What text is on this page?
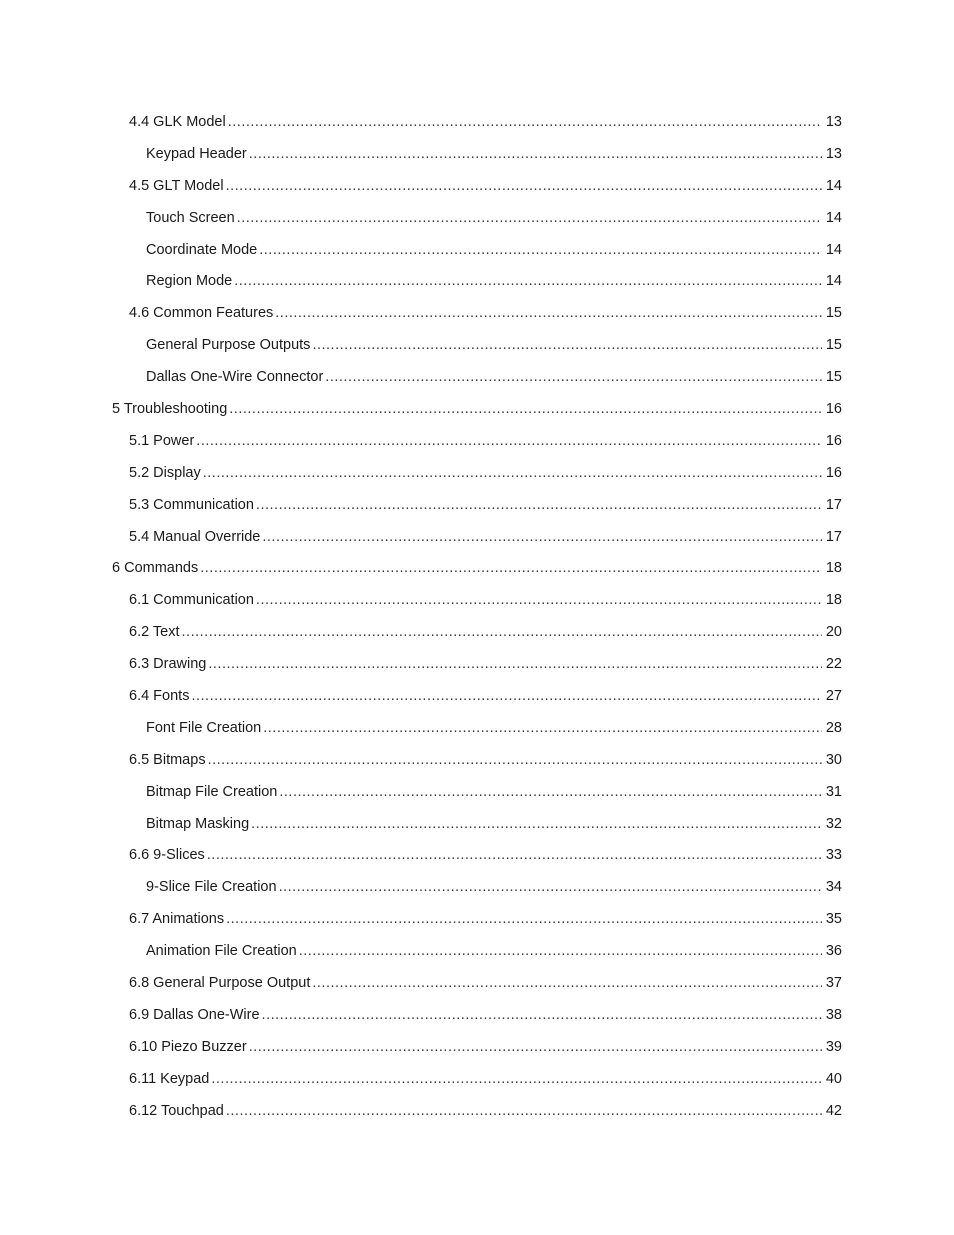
4.4 GLK Model .....	13
Keypad Header .....	13
4.5 GLT Model .....	14
Touch Screen .....	14
Coordinate Mode .....	14
Region Mode .....	14
4.6 Common Features .....	15
General Purpose Outputs .....	15
Dallas One-Wire Connector .....	15
5 Troubleshooting .....	16
5.1 Power .....	16
5.2 Display .....	16
5.3 Communication .....	17
5.4 Manual Override .....	17
6 Commands .....	18
6.1 Communication .....	18
6.2 Text .....	20
6.3 Drawing .....	22
6.4 Fonts .....	27
Font File Creation .....	28
6.5 Bitmaps .....	30
Bitmap File Creation .....	31
Bitmap Masking .....	32
6.6 9-Slices .....	33
9-Slice File Creation .....	34
6.7 Animations .....	35
Animation File Creation .....	36
6.8 General Purpose Output .....	37
6.9 Dallas One-Wire .....	38
6.10 Piezo Buzzer .....	39
6.11 Keypad .....	40
6.12 Touchpad .....	42
